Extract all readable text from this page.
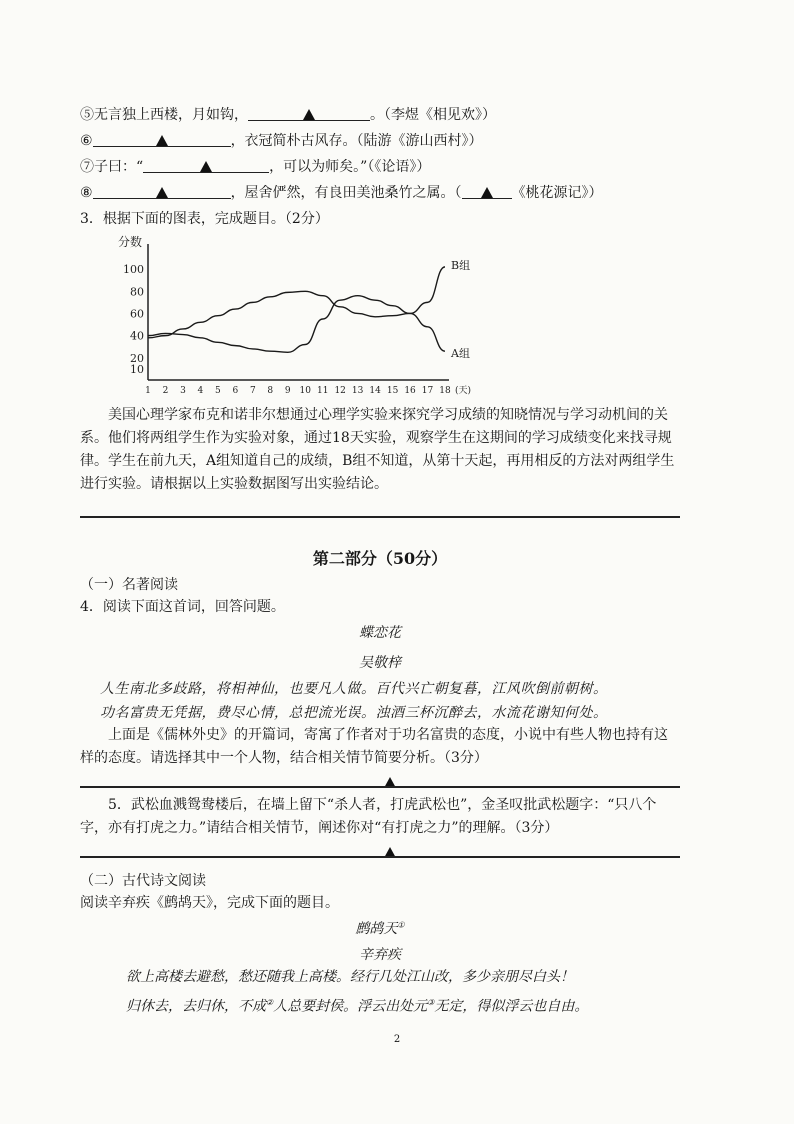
⑤无言独上西楼，月如钩，	。（李煜《相见欢》）
⑥	，衣冠简朴古风存。（陆游《游山西村》）
⑦子曰：“	，可以为师矣。”（《论语》）
⑧	，屋舍俨然，有良田美池桑竹之属。（	《桃花源记》）
3．根据下面的图表，完成题目。（2分）
10
20
40
60
80
100
1 2 3 4 5 6 7 8 9 10 11 12 13 14 15 16 17 18
分数
(天)
B组
A组
美国心理学家布克和诺非尔想通过心理学实验来探究学习成绩的知晓情况与学习动机间的关系。他们将两组学生作为实验对象，通过18天实验，观察学生在这期间的学习成绩变化来找寻规律。学生在前九天，A组知道自己的成绩，B组不知道，从第十天起，再用相反的方法对两组学生进行实验。请根据以上实验数据图写出实验结论。
第二部分（50分）
（一）名著阅读
4．阅读下面这首词，回答问题。
蝶恋花
吴敬梓
人生南北多歧路，将相神仙，也要凡人做。百代兴亡朝复暮，江风吹倒前朝树。
功名富贵无凭据，费尽心情，总把流光误。浊酒三杯沉醉去，水流花谢知何处。
上面是《儒林外史》的开篇词，寄寓了作者对于功名富贵的态度，小说中有些人物也持有这样的态度。请选择其中一个人物，结合相关情节简要分析。（3分）
5．武松血溅鸳鸯楼后，在墙上留下“杀人者，打虎武松也”，金圣叹批武松题字：“只八个字，亦有打虎之力。”请结合相关情节，阐述你对“有打虎之力”的理解。（3分）
（二）古代诗文阅读
阅读辛弃疾《鹧鸪天》，完成下面的题目。
鹧鸪天①
辛弃疾
欲上高楼去避愁，愁还随我上高楼。经行几处江山改，多少亲朋尽白头！
归休去，去归休，不成②人总要封侯。浮云出处元③无定，得似浮云也自由。
2
